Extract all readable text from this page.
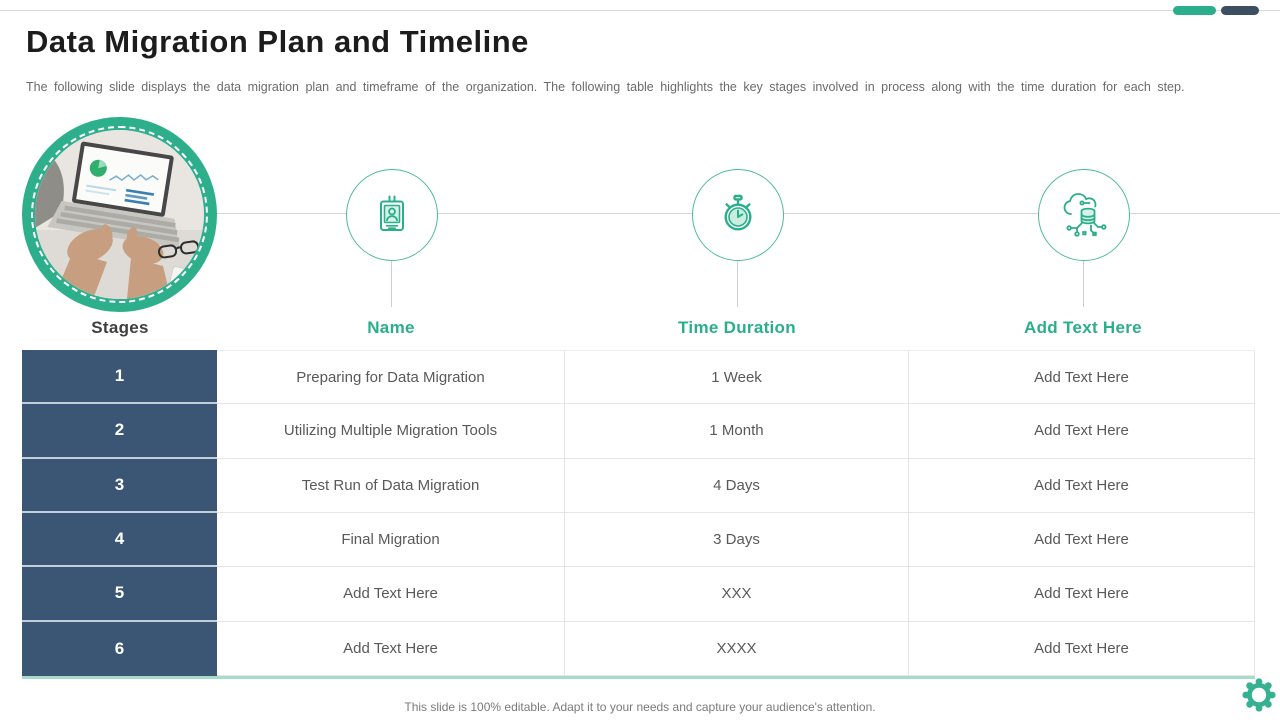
Data Migration Plan and Timeline

The following slide displays the data migration plan and timeframe of the organization. The following table highlights the key stages involved in process along with the time duration for each step.

Stages	Name	Time Duration	Add Text Here
1	Preparing for Data Migration	1 Week	Add Text Here
2	Utilizing Multiple Migration Tools	1 Month	Add Text Here
3	Test Run of Data Migration	4 Days	Add Text Here
4	Final Migration	3 Days	Add Text Here
5	Add Text Here	XXX	Add Text Here
6	Add Text Here	XXXX	Add Text Here

This slide is 100% editable. Adapt it to your needs and capture your audience's attention.
